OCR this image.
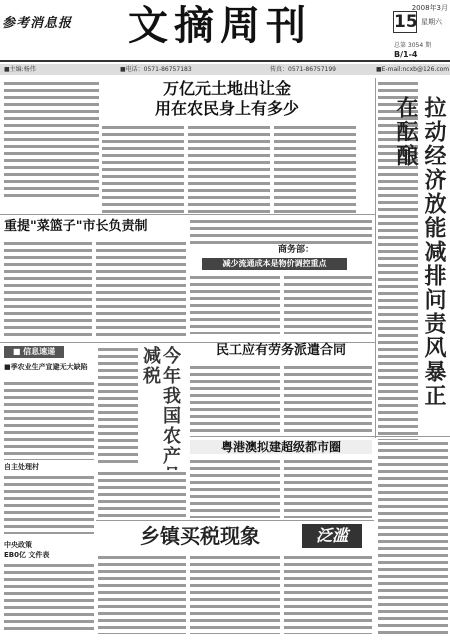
参考消息报	文摘周刊	2008年3月
15 星期六
总第 3054 期
B/1-4
■主编:杨伟	■电话：0571-86757183	传真：0571-86757199	■E-mail:ncxb@126.com
万亿元土地出让金
用在农民身上有多少	拉动经济放能减排问责风暴正在酝酿
重提"菜篮子"市长负责制
商务部：
减少流通成本是物价调控重点
■ 信息速递
■季农业生产宣避无大缺陷
自主处理村
中央政策
EB0亿 文件表
今年我国农产品将减税	民工应有劳务派遣合同
粤港澳拟建超级都市圈
乡镇买税现象	泛滥
